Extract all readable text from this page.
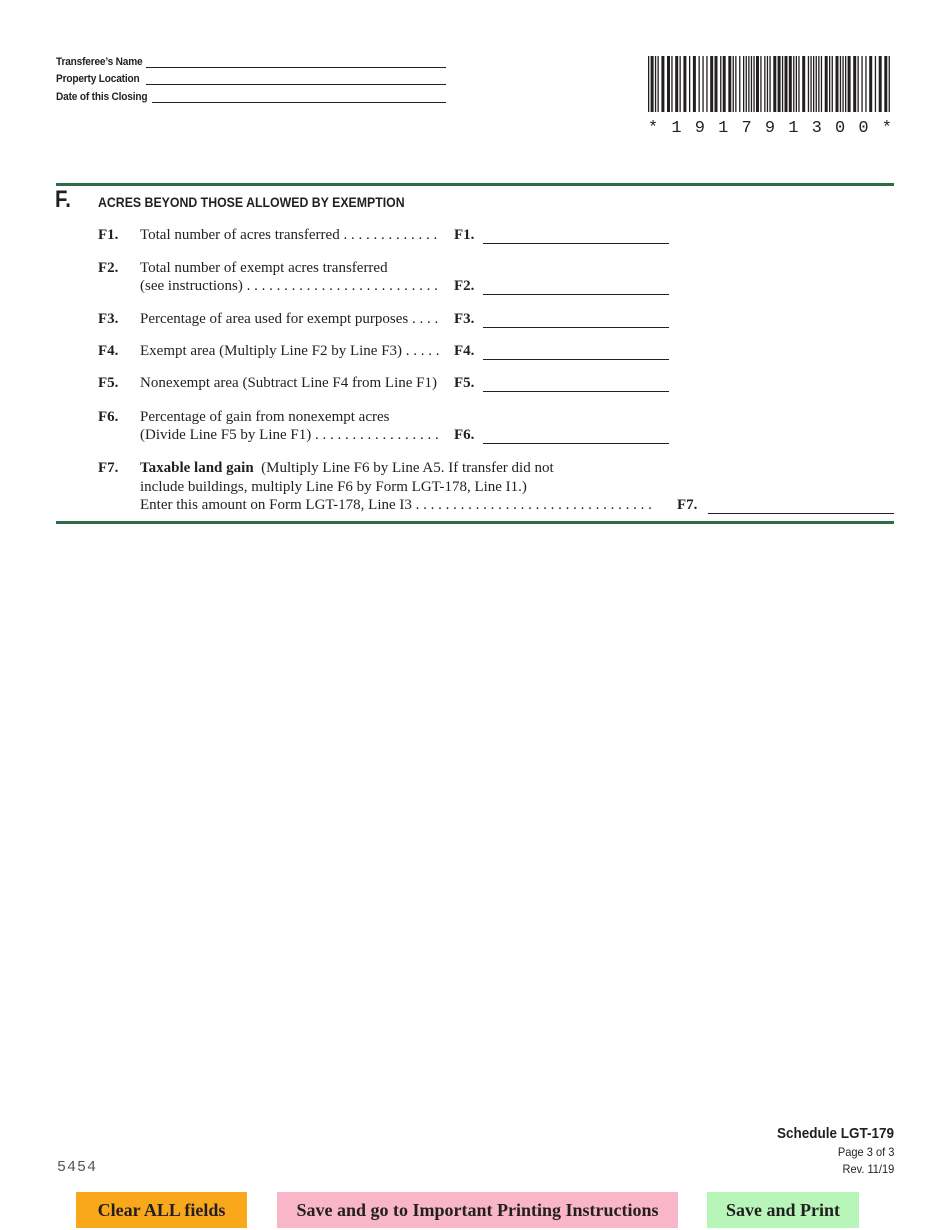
Transferee’s Name
Property Location
Date of this Closing
* 1 9 1 7 9 1 3 0 0 *
F. ACRES BEYOND THOSE ALLOWED BY EXEMPTION
F1. Total number of acres transferred . . . . . . . . . . . . . F1.
F2. Total number of exempt acres transferred
(see instructions) . . . . . . . . . . . . . . . . . . . . . . . . . . F2.
F3. Percentage of area used for exempt purposes . . . . F3.
F4. Exempt area (Multiply Line F2 by Line F3) . . . . . F4.
F5. Nonexempt area (Subtract Line F4 from Line F1) F5.
F6. Percentage of gain from nonexempt acres
(Divide Line F5 by Line F1) . . . . . . . . . . . . . . . . . F6.
F7. Taxable land gain (Multiply Line F6 by Line A5. If transfer did not
include buildings, multiply Line F6 by Form LGT-178, Line I1.)
Enter this amount on Form LGT-178, Line I3 . . . . . . . . . . . . . . . . . . . . . . . . . . . . . . . . F7.
Schedule LGT-179
Page 3 of 3
Rev. 11/19
5454
Clear ALL fields	Save and go to Important Printing Instructions	Save and Print
